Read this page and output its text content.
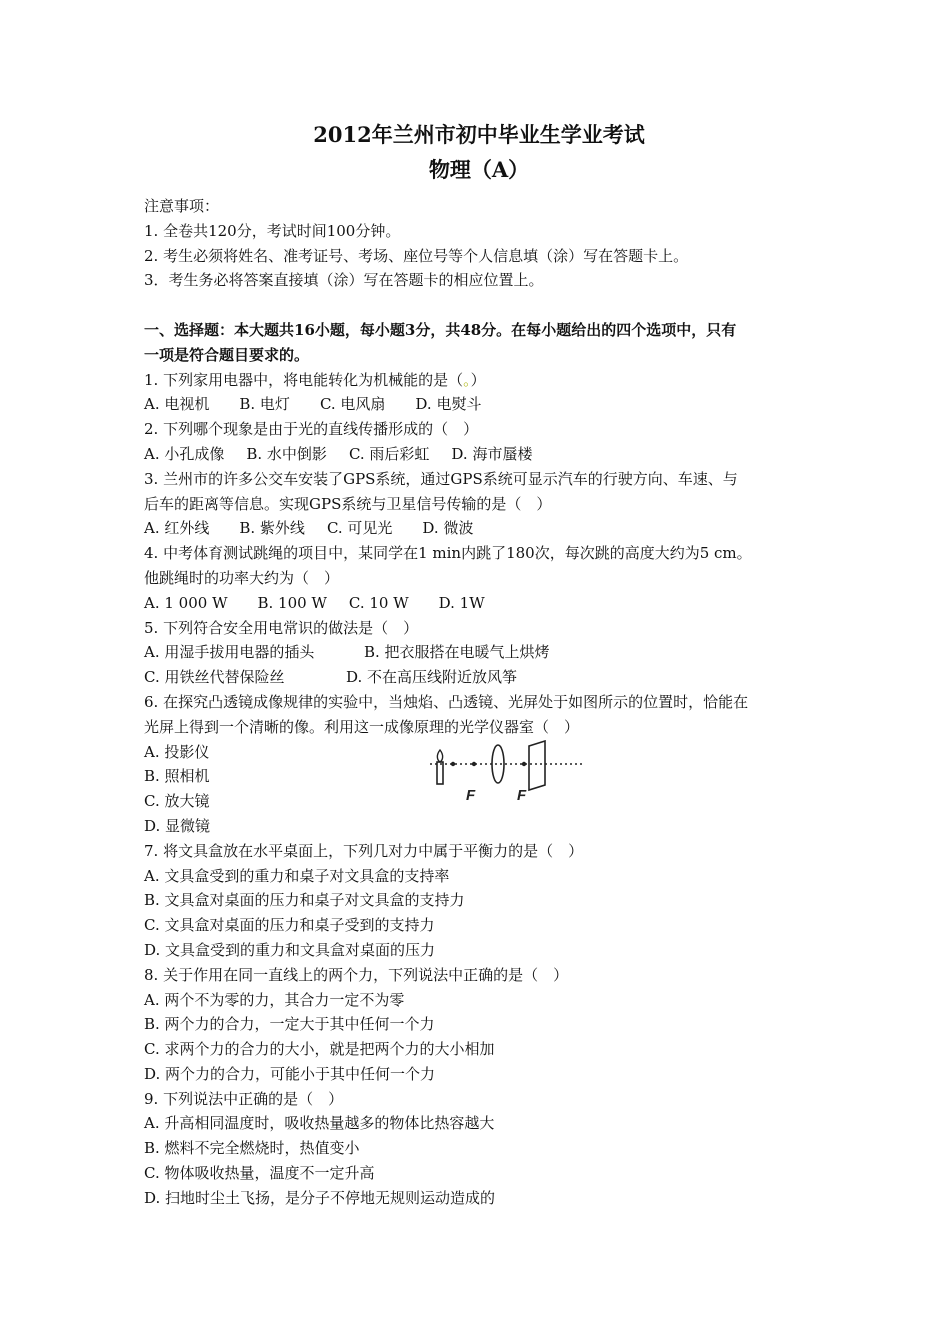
2012年兰州市初中毕业生学业考试

物理（A）

注意事项：

1. 全卷共120分，考试时间100分钟。

2. 考生必须将姓名、准考证号、考场、座位号等个人信息填（涂）写在答题卡上。

3．考生务必将答案直接填（涂）写在答题卡的相应位置上。

一、选择题：本大题共16小题，每小题3分，共48分。在每小题给出的四个选项中，只有

一项是符合题目要求的。

1. 下列家用电器中，将电能转化为机械能的是（。）

A. 电视机 B. 电灯 C. 电风扇 D. 电熨斗

2. 下列哪个现象是由于光的直线传播形成的（　）

A. 小孔成像 B. 水中倒影 C. 雨后彩虹 D. 海市蜃楼

3. 兰州市的许多公交车安装了GPS系统，通过GPS系统可显示汽车的行驶方向、车速、与

后车的距离等信息。实现GPS系统与卫星信号传输的是（　）

A. 红外线 B. 紫外线 C. 可见光 D. 微波

4. 中考体育测试跳绳的项目中，某同学在1 min内跳了180次，每次跳的高度大约为5 cm。

他跳绳时的功率大约为（　）

A. 1 000 W B. 100 W C. 10 W D. 1W

5. 下列符合安全用电常识的做法是（　）

A. 用湿手拔用电器的插头	B. 把衣服搭在电暖气上烘烤

C. 用铁丝代替保险丝	D. 不在高压线附近放风筝

6. 在探究凸透镜成像规律的实验中，当烛焰、凸透镜、光屏处于如图所示的位置时，恰能在

光屏上得到一个清晰的像。利用这一成像原理的光学仪器室（　）

A. 投影仪

B. 照相机

C. 放大镜

D. 显微镜

F	F

7. 将文具盒放在水平桌面上，下列几对力中属于平衡力的是（　）

A. 文具盒受到的重力和桌子对文具盒的支持率

B. 文具盒对桌面的压力和桌子对文具盒的支持力

C. 文具盒对桌面的压力和桌子受到的支持力

D. 文具盒受到的重力和文具盒对桌面的压力

8. 关于作用在同一直线上的两个力，下列说法中正确的是（　）

A. 两个不为零的力，其合力一定不为零

B. 两个力的合力，一定大于其中任何一个力

C. 求两个力的合力的大小，就是把两个力的大小相加

D. 两个力的合力，可能小于其中任何一个力

9. 下列说法中正确的是（　）

A. 升高相同温度时，吸收热量越多的物体比热容越大

B. 燃料不完全燃烧时，热值变小

C. 物体吸收热量，温度不一定升高

D. 扫地时尘土飞扬，是分子不停地无规则运动造成的
